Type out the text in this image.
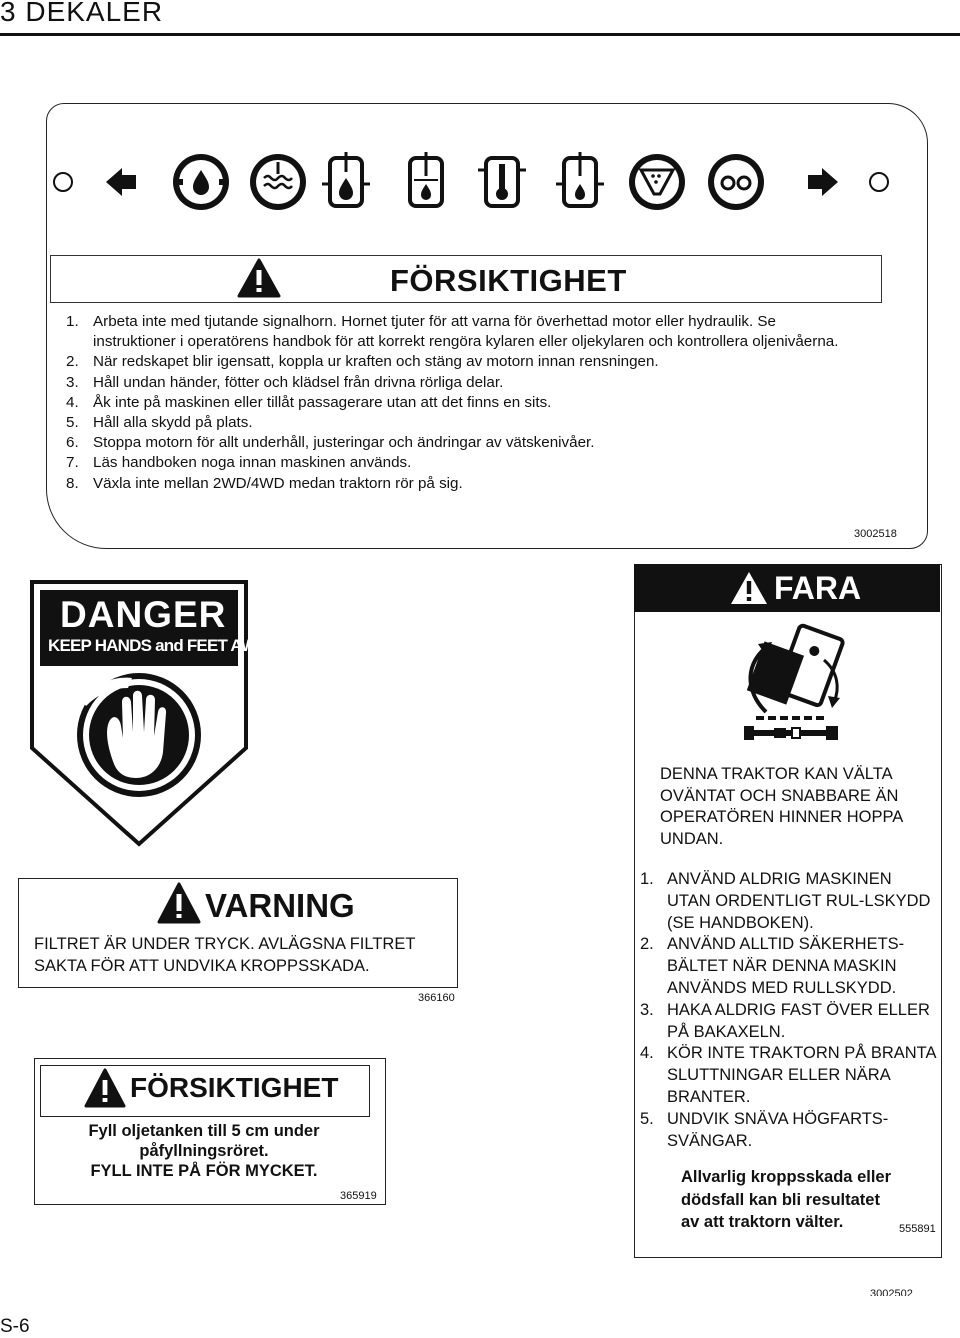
3 DEKALER
FÖRSIKTIGHET
1. Arbeta inte med tjutande signalhorn. Hornet tjuter för att varna för överhettad motor eller hydraulik. Se instruktioner i operatörens handbok för att korrekt rengöra kylaren eller oljekylaren och kontrollera oljenivåerna.
2. När redskapet blir igensatt, koppla ur kraften och stäng av motorn innan rensningen.
3. Håll undan händer, fötter och klädsel från drivna rörliga delar.
4. Åk inte på maskinen eller tillåt passagerare utan att det finns en sits.
5. Håll alla skydd på plats.
6. Stoppa motorn för allt underhåll, justeringar och ändringar av vätskenivåer.
7. Läs handboken noga innan maskinen används.
8. Växla inte mellan 2WD/4WD medan traktorn rör på sig.
3002518
DANGER
KEEP HANDS and FEET AWAY
FARA
DENNA TRAKTOR KAN VÄLTA OVÄNTAT OCH SNABBARE ÄN OPERATÖREN HINNER HOPPA UNDAN.
1. ANVÄND ALDRIG MASKINEN UTAN ORDENTLIGT RUL-LSKYDD (SE HANDBOKEN).
2. ANVÄND ALLTID SÄKERHETS-BÄLTET NÄR DENNA MASKIN ANVÄNDS MED RULLSKYDD.
3. HAKA ALDRIG FAST ÖVER ELLER PÅ BAKAXELN.
4. KÖR INTE TRAKTORN PÅ BRANTA SLUTTNINGAR ELLER NÄRA BRANTER.
5. UNDVIK SNÄVA HÖGFARTS-SVÄNGAR.
Allvarlig kroppsskada eller dödsfall kan bli resultatet av att traktorn välter.	555891
VARNING
FILTRET ÄR UNDER TRYCK. AVLÄGSNA FILTRET SAKTA FÖR ATT UNDVIKA KROPPSSKADA.
366160
FÖRSIKTIGHET
Fyll oljetanken till 5 cm under påfyllningsröret.
FYLL INTE PÅ FÖR MYCKET.
365919
3002502
S-6
